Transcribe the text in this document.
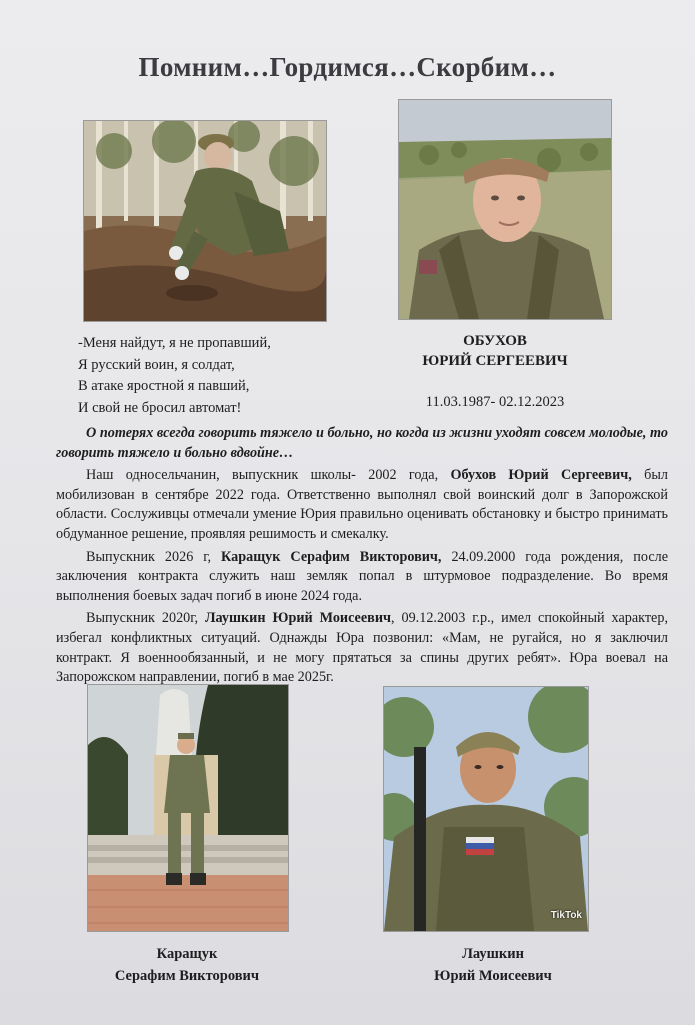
Помним…Гордимся…Скорбим…
-Меня найдут, я не пропавший,
Я русский воин, я солдат,
В атаке яростной я павший,
И свой не бросил автомат!
ОБУХОВ
ЮРИЙ СЕРГЕЕВИЧ
11.03.1987- 02.12.2023

О потерях всегда говорить тяжело и больно, но когда из жизни уходят совсем молодые, то говорить тяжело и больно вдвойне…

Наш односельчанин, выпускник школы- 2002 года, Обухов Юрий Сергеевич, был мобилизован в сентябре 2022 года. Ответственно выполнял свой воинский долг в Запорожской области. Сослуживцы отмечали умение Юрия правильно оценивать обстановку и быстро принимать обдуманное решение, проявляя решимость и смекалку.

Выпускник 2026 г, Каращук Серафим Викторович, 24.09.2000 года рождения, после заключения контракта служить наш земляк попал в штурмовое подразделение. Во время выполнения боевых задач погиб в июне 2024 года.

Выпускник 2020г, Лаушкин Юрий Моисеевич, 09.12.2003 г.р., имел спокойный характер, избегал конфликтных ситуаций. Однажды Юра позвонил: «Мам, не ругайся, но я заключил контракт. Я военнообязанный, и не могу прятаться за спины других ребят». Юра воевал на Запорожском направлении, погиб в мае 2025г.

TikTok
Каращук
Серафим Викторович
Лаушкин
Юрий Моисеевич
